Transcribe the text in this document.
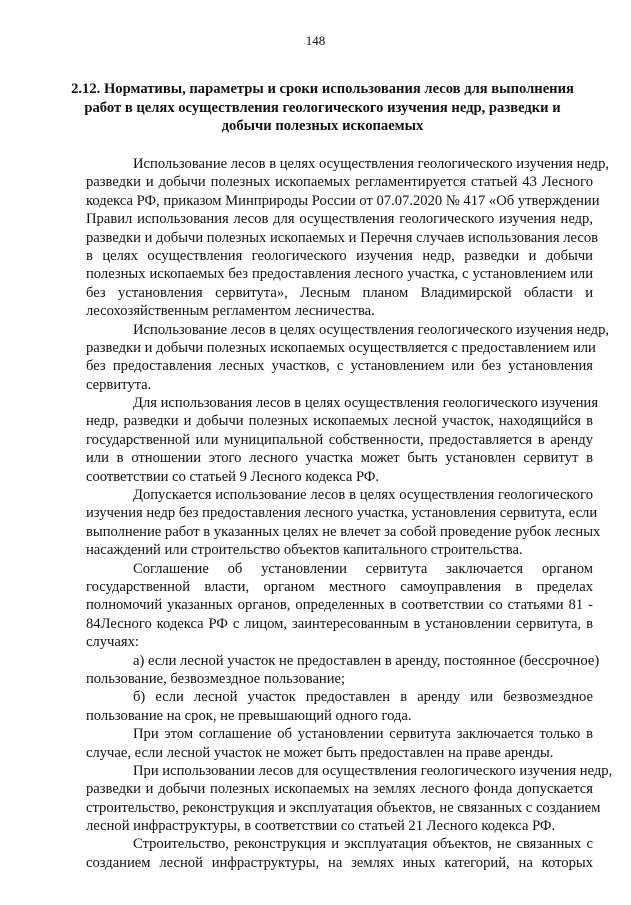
148
2.12. Нормативы, параметры и сроки использования лесов для выполнения
работ в целях осуществления геологического изучения недр, разведки и
добычи полезных ископаемых
Использование лесов в целях осуществления геологического изучения недр,
разведки и добычи полезных ископаемых регламентируется статьей 43 Лесного
кодекса РФ, приказом Минприроды России от 07.07.2020 № 417 «Об утверждении
Правил использования лесов для осуществления геологического изучения недр,
разведки и добычи полезных ископаемых и Перечня случаев использования лесов
в целях осуществления геологического изучения недр, разведки и добычи
полезных ископаемых без предоставления лесного участка, с установлением или
без установления сервитута», Лесным планом Владимирской области и
лесохозяйственным регламентом лесничества.
Использование лесов в целях осуществления геологического изучения недр,
разведки и добычи полезных ископаемых осуществляется с предоставлением или
без предоставления лесных участков, с установлением или без установления
сервитута.
Для использования лесов в целях осуществления геологического изучения
недр, разведки и добычи полезных ископаемых лесной участок, находящийся в
государственной или муниципальной собственности, предоставляется в аренду
или в отношении этого лесного участка может быть установлен сервитут в
соответствии со статьей 9 Лесного кодекса РФ.
Допускается использование лесов в целях осуществления геологического
изучения недр без предоставления лесного участка, установления сервитута, если
выполнение работ в указанных целях не влечет за собой проведение рубок лесных
насаждений или строительство объектов капитального строительства.
Соглашение об установлении сервитута заключается органом
государственной власти, органом местного самоуправления в пределах
полномочий указанных органов, определенных в соответствии со статьями 81 -
84Лесного кодекса РФ с лицом, заинтересованным в установлении сервитута, в
случаях:
а) если лесной участок не предоставлен в аренду, постоянное (бессрочное)
пользование, безвозмездное пользование;
б) если лесной участок предоставлен в аренду или безвозмездное
пользование на срок, не превышающий одного года.
При этом соглашение об установлении сервитута заключается только в
случае, если лесной участок не может быть предоставлен на праве аренды.
При использовании лесов для осуществления геологического изучения недр,
разведки и добычи полезных ископаемых на землях лесного фонда допускается
строительство, реконструкция и эксплуатация объектов, не связанных с созданием
лесной инфраструктуры, в соответствии со статьей 21 Лесного кодекса РФ.
Строительство, реконструкция и эксплуатация объектов, не связанных с
созданием лесной инфраструктуры, на землях иных категорий, на которых
